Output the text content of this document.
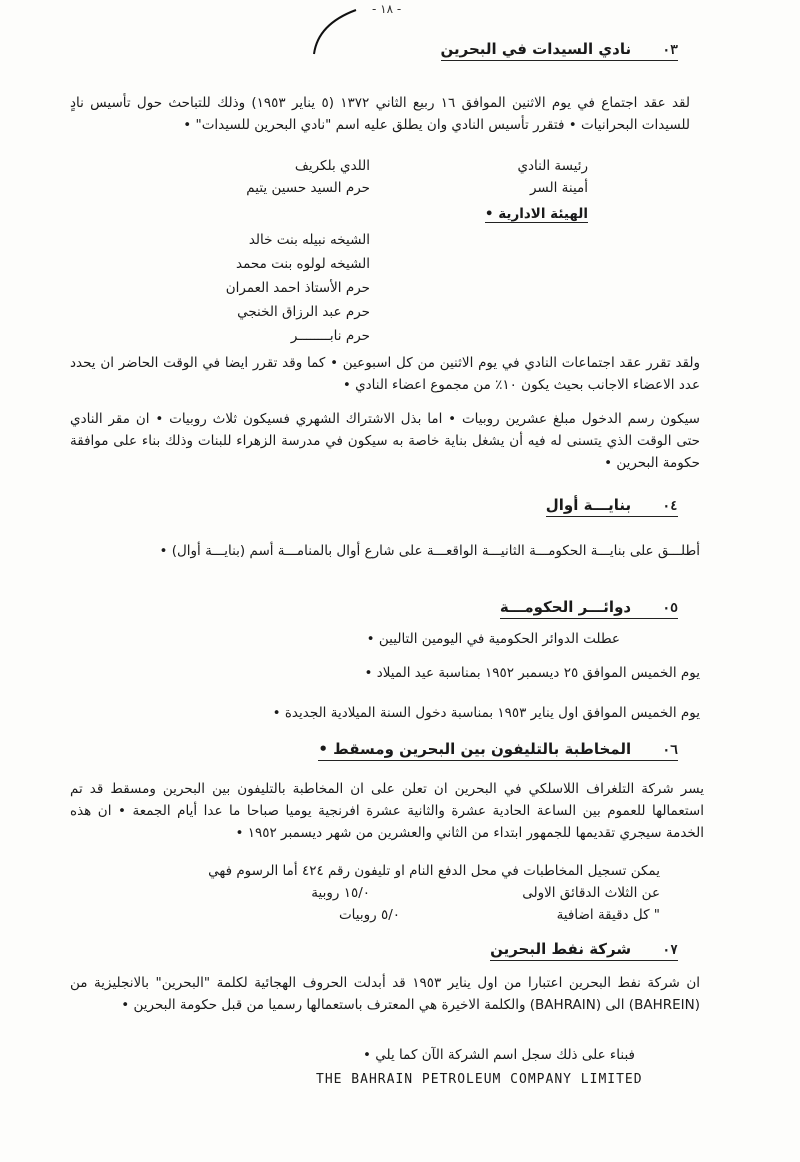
- ١٨ -
٠٣ نادي السيدات في البحرين
لقد عقد اجتماع في يوم الاثنين الموافق ١٦ ربيع الثاني ١٣٧٢ (٥ يناير ١٩٥٣) وذلك للتباحث حول تأسيس نادٍ للسيدات البحرانيات • فتقرر تأسيس النادي وان يطلق عليه اسم "نادي البحرين للسيدات" •
رئيسة النادي
اللدي بلكريف
أمينة السر
حرم السيد حسين يتيم
الهيئة الادارية •
الشيخه نبيله بنت خالد
الشيخه لولوه بنت محمد
حرم الأستاذ احمد العمران
حرم عبد الرزاق الخنجي
حرم نابــــــــر
ولقد تقرر عقد اجتماعات النادي في يوم الاثنين من كل اسبوعين • كما وقد تقرر ايضا في الوقت الحاضر ان يحدد عدد الاعضاء الاجانب بحيث يكون ١٠٪ من مجموع اعضاء النادي •
سيكون رسم الدخول مبلغ عشرين روبيات • اما بذل الاشتراك الشهري فسيكون ثلاث روبيات • ان مقر النادي حتى الوقت الذي يتسنى له فيه أن يشغل بناية خاصة به سيكون في مدرسة الزهراء للبنات وذلك بناء على موافقة حكومة البحرين •
٠٤ بنايـــة أوال
أطلـــق على بنايـــة الحكومـــة الثانيـــة الواقعـــة على شارع أوال بالمنامـــة أسم (بنايـــة أوال) •
٠٥ دوائـــر الحكومـــة
عطلت الدوائر الحكومية في اليومين التاليين •
يوم الخميس الموافق ٢٥ ديسمبر ١٩٥٢ بمناسبة عيد الميلاد •
يوم الخميس الموافق اول يناير ١٩٥٣ بمناسبة دخول السنة الميلادية الجديدة •
٠٦ المخاطبة بالتليفون بين البحرين ومسقط •
يسر شركة التلغراف اللاسلكي في البحرين ان تعلن على ان المخاطبة بالتليفون بين البحرين ومسقط قد تم استعمالها للعموم بين الساعة الحادية عشرة والثانية عشرة افرنجية يوميا صباحا ما عدا أيام الجمعة • ان هذه الخدمة سيجري تقديمها للجمهور ابتداء من الثاني والعشرين من شهر ديسمبر ١٩٥٢ •
يمكن تسجيل المخاطبات في محل الدفع النام او تليفون رقم ٤٢٤ أما الرسوم فهي
عن الثلاث الدقائق الاولى
١٥/٠ روبية
" كل دقيقة اضافية
٥/٠ روبيات
٠٧ شركة نفط البحرين
ان شركة نفط البحرين اعتبارا من اول يناير ١٩٥٣ قد أبدلت الحروف الهجائية لكلمة "البحرين" بالانجليزية من (BAHREIN) الى (BAHRAIN) والكلمة الاخيرة هي المعترف باستعمالها رسميا من قبل حكومة البحرين •
فبناء على ذلك سجل اسم الشركة الآن كما يلي •
THE BAHRAIN PETROLEUM COMPANY LIMITED
